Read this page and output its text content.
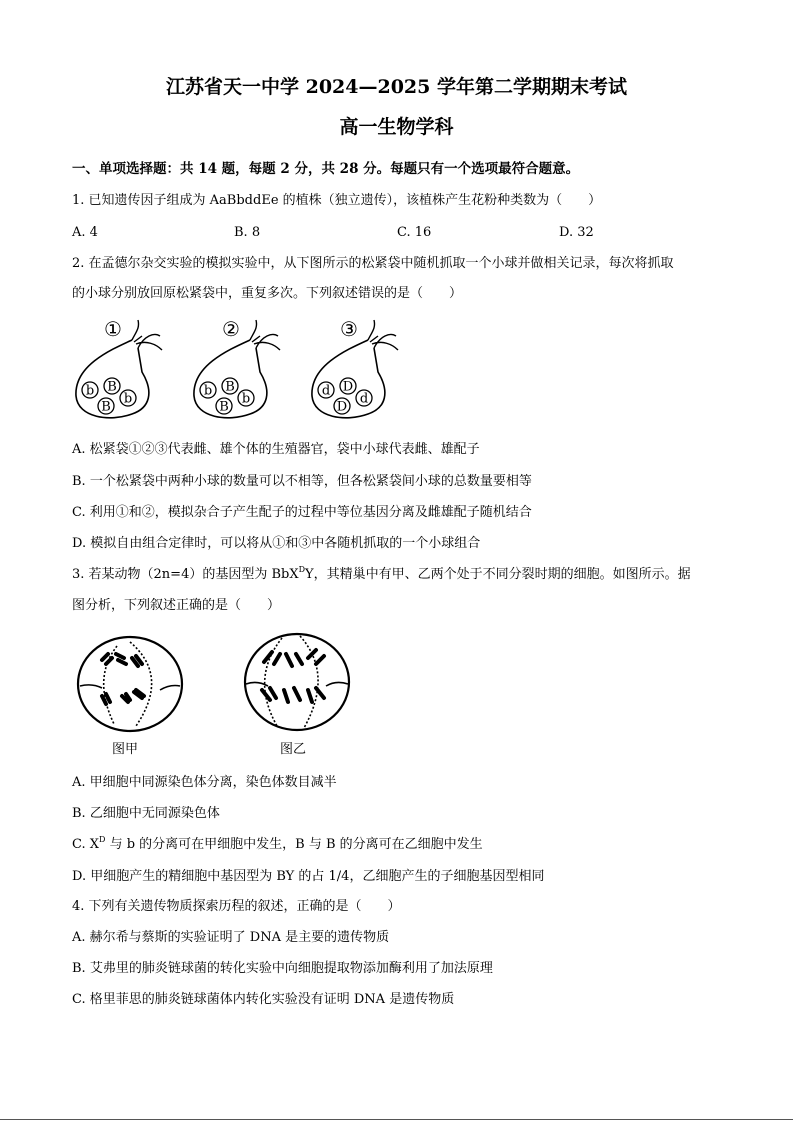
江苏省天一中学 2024—2025 学年第二学期期末考试
高一生物学科
一、单项选择题：共 14 题，每题 2 分，共 28 分。每题只有一个选项最符合题意。
1. 已知遗传因子组成为 AaBbddEe 的植株（独立遗传），该植株产生花粉种类数为（　　）
A. 4	B. 8	C. 16	D. 32
2. 在孟德尔杂交实验的模拟实验中，从下图所示的松紧袋中随机抓取一个小球并做相关记录，每次将抓取
的小球分别放回原松紧袋中，重复多次。下列叙述错误的是（　　）
①
b B
B
b
②
b B
B
b
③
d D
D
d
A. 松紧袋①②③代表雌、雄个体的生殖器官，袋中小球代表雌、雄配子
B. 一个松紧袋中两种小球的数量可以不相等，但各松紧袋间小球的总数量要相等
C. 利用①和②，模拟杂合子产生配子的过程中等位基因分离及雌雄配子随机结合
D. 模拟自由组合定律时，可以将从①和③中各随机抓取的一个小球组合
3. 若某动物（2n=4）的基因型为 BbX$^D$Y，其精巢中有甲、乙两个处于不同分裂时期的细胞。如图所示。据
图分析，下列叙述正确的是（　　）
图甲	图乙
A. 甲细胞中同源染色体分离，染色体数目减半
B. 乙细胞中无同源染色体
C. $X^D$ 与 b 的分离可在甲细胞中发生，B 与 B 的分离可在乙细胞中发生
D. 甲细胞产生的精细胞中基因型为 BY 的占 1/4，乙细胞产生的子细胞基因型相同
4. 下列有关遗传物质探索历程的叙述，正确的是（　　）
A. 赫尔希与蔡斯的实验证明了 DNA 是主要的遗传物质
B. 艾弗里的肺炎链球菌的转化实验中向细胞提取物添加酶利用了加法原理
C. 格里菲思的肺炎链球菌体内转化实验没有证明 DNA 是遗传物质
